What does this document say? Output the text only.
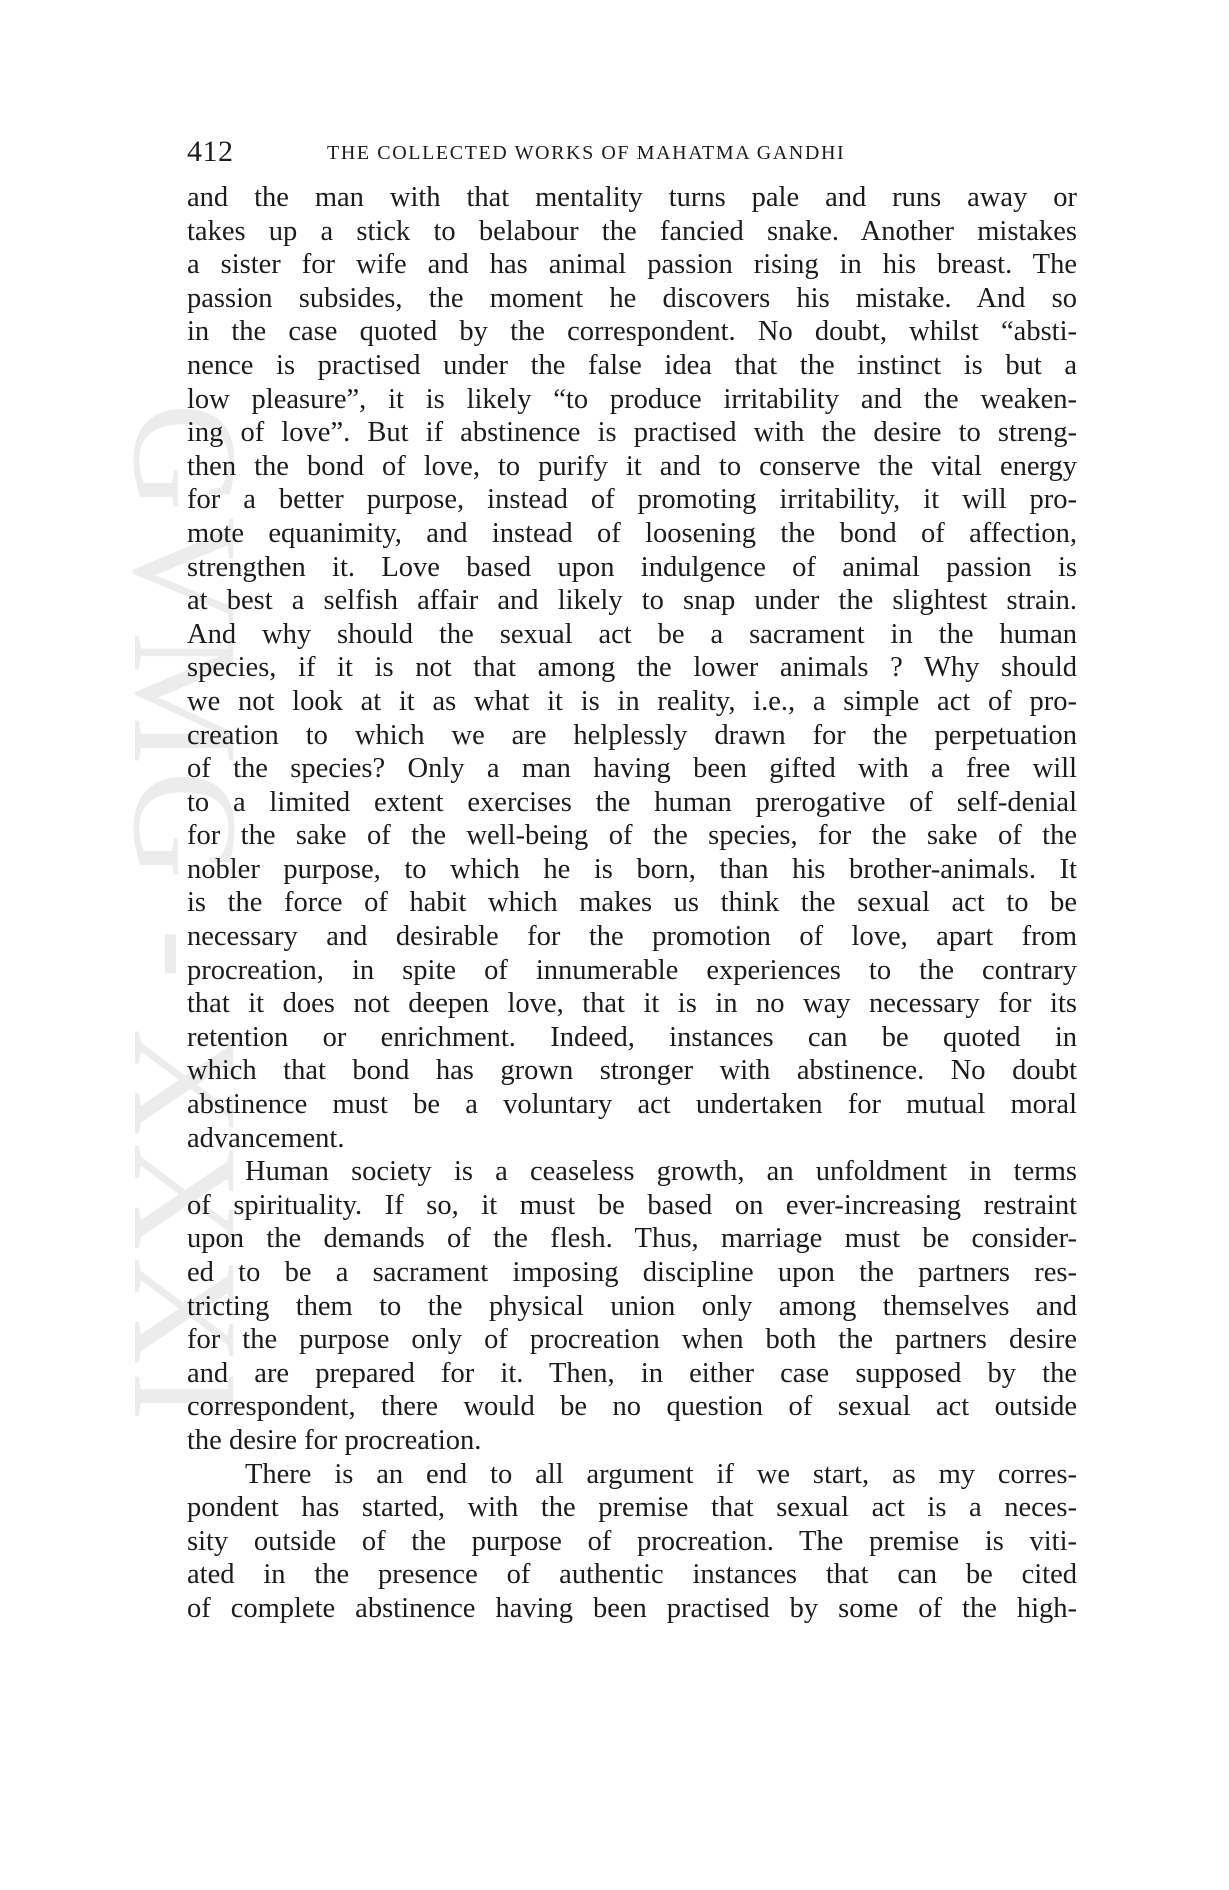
GVMG XXXI
412	THE COLLECTED WORKS OF MAHATMA GANDHI
and the man with that mentality turns pale and runs away or
takes up a stick to belabour the fancied snake. Another mistakes
a sister for wife and has animal passion rising in his breast. The
passion subsides, the moment he discovers his mistake. And so
in the case quoted by the correspondent. No doubt, whilst “absti-
nence is practised under the false idea that the instinct is but a
low pleasure”, it is likely “to produce irritability and the weaken-
ing of love”. But if abstinence is practised with the desire to streng-
then the bond of love, to purify it and to conserve the vital energy
for a better purpose, instead of promoting irritability, it will pro-
mote equanimity, and instead of loosening the bond of affection,
strengthen it. Love based upon indulgence of animal passion is
at best a selfish affair and likely to snap under the slightest strain.
And why should the sexual act be a sacrament in the human
species, if it is not that among the lower animals ? Why should
we not look at it as what it is in reality, i.e., a simple act of pro-
creation to which we are helplessly drawn for the perpetuation
of the species? Only a man having been gifted with a free will
to a limited extent exercises the human prerogative of self-denial
for the sake of the well-being of the species, for the sake of the
nobler purpose, to which he is born, than his brother-animals. It
is the force of habit which makes us think the sexual act to be
necessary and desirable for the promotion of love, apart from
procreation, in spite of innumerable experiences to the contrary
that it does not deepen love, that it is in no way necessary for its
retention or enrichment. Indeed, instances can be quoted in
which that bond has grown stronger with abstinence. No doubt
abstinence must be a voluntary act undertaken for mutual moral
advancement.
Human society is a ceaseless growth, an unfoldment in terms
of spirituality. If so, it must be based on ever-increasing restraint
upon the demands of the flesh. Thus, marriage must be consider-
ed to be a sacrament imposing discipline upon the partners res-
tricting them to the physical union only among themselves and
for the purpose only of procreation when both the partners desire
and are prepared for it. Then, in either case supposed by the
correspondent, there would be no question of sexual act outside
the desire for procreation.
There is an end to all argument if we start, as my corres-
pondent has started, with the premise that sexual act is a neces-
sity outside of the purpose of procreation. The premise is viti-
ated in the presence of authentic instances that can be cited
of complete abstinence having been practised by some of the high-
